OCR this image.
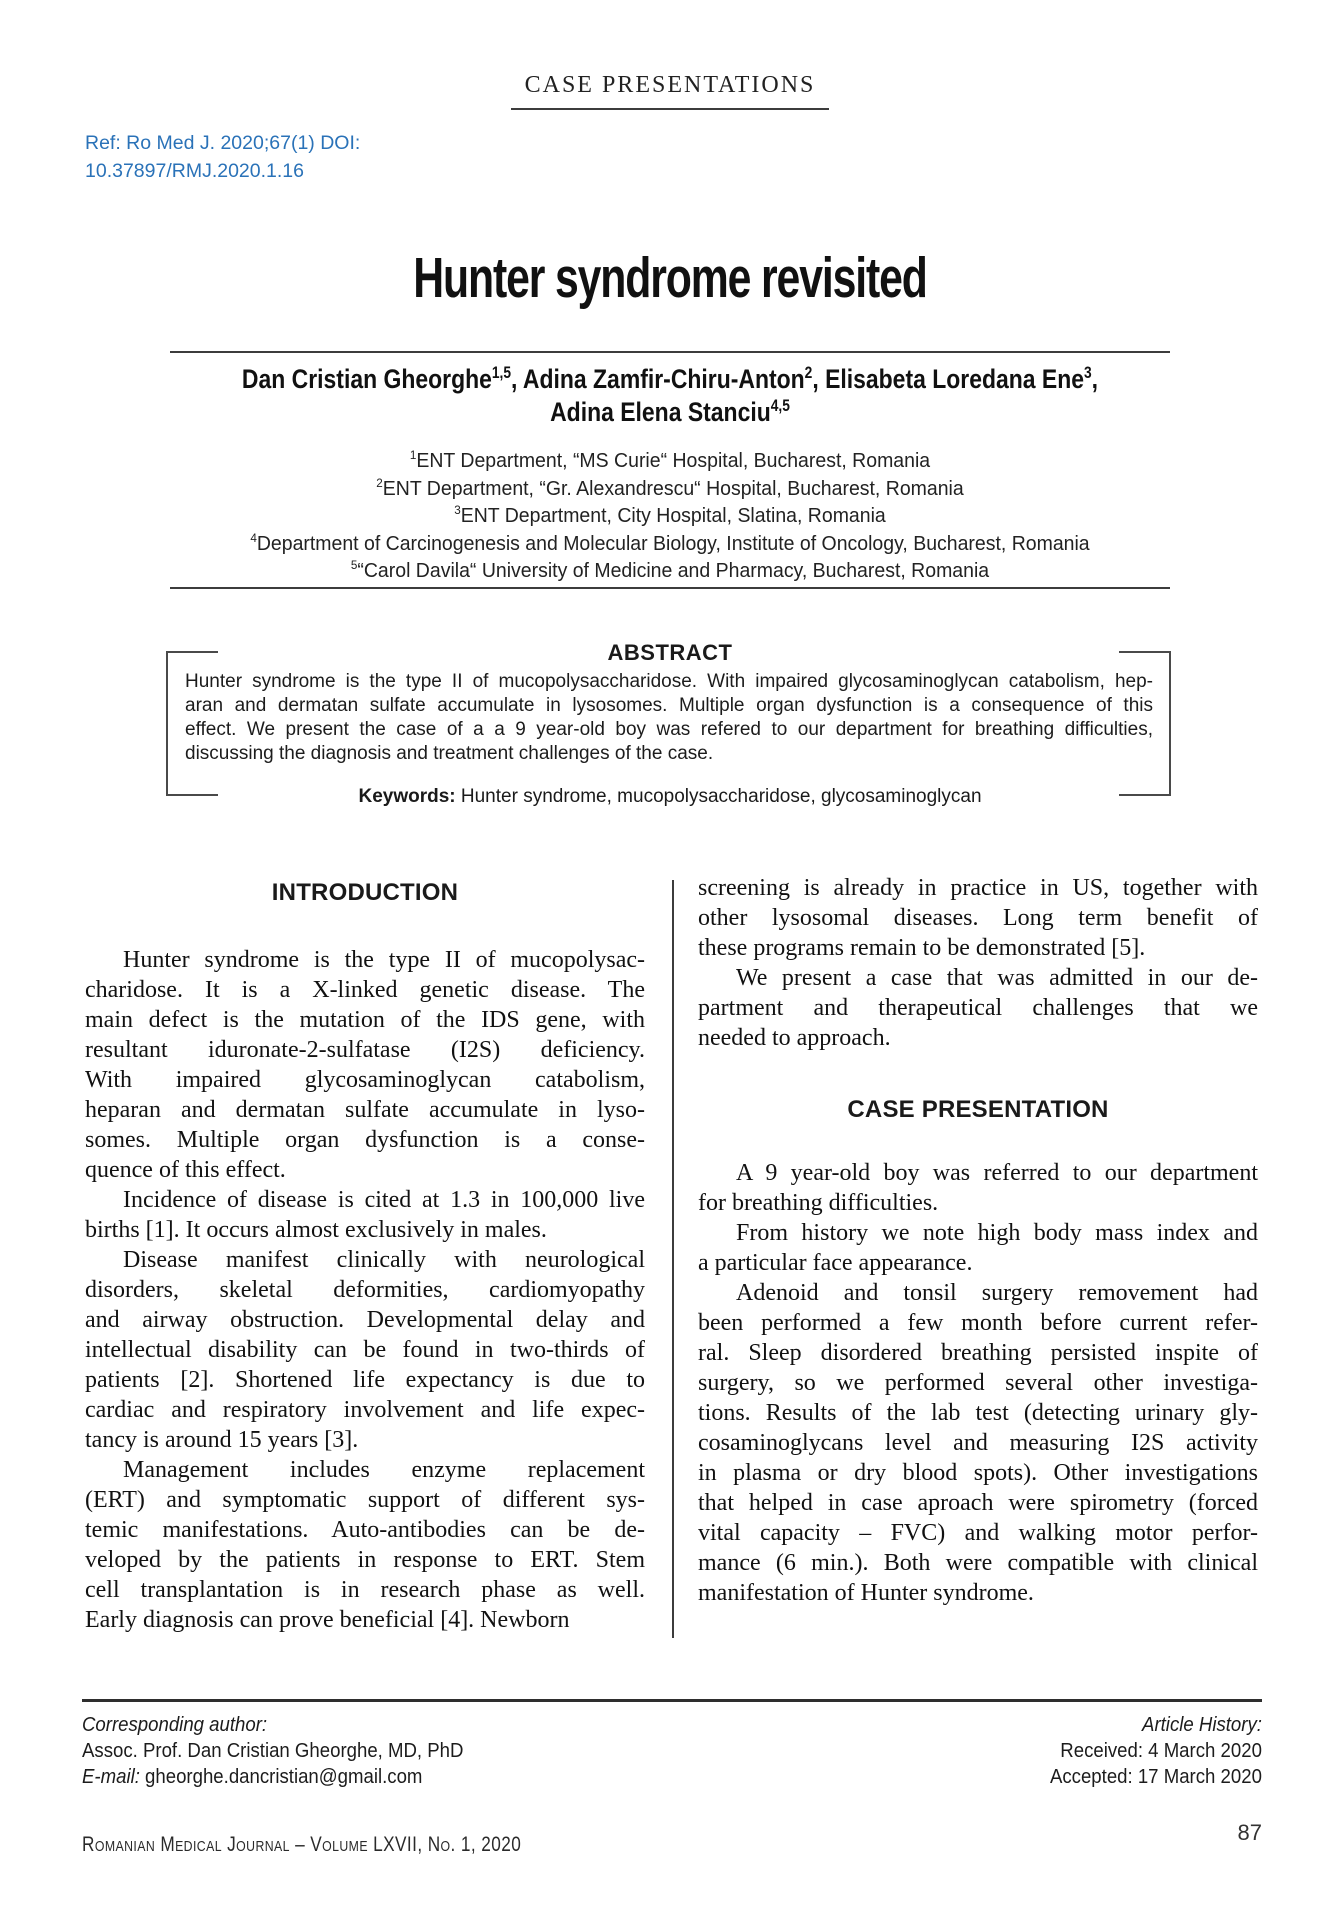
CASE PRESENTATIONS
Ref: Ro Med J. 2020;67(1) DOI:
10.37897/RMJ.2020.1.16
Hunter syndrome revisited
Dan Cristian Gheorghe$^{1,5}$, Adina Zamfir-Chiru-Anton$^2$, Elisabeta Loredana Ene$^3$,
Adina Elena Stanciu$^{4,5}$
$^1$ENT Department, “MS Curie“ Hospital, Bucharest, Romania
$^2$ENT Department, “Gr. Alexandrescu“ Hospital, Bucharest, Romania
$^3$ENT Department, City Hospital, Slatina, Romania
$^4$Department of Carcinogenesis and Molecular Biology, Institute of Oncology, Bucharest, Romania
$^5$“Carol Davila“ University of Medicine and Pharmacy, Bucharest, Romania
ABSTRACT
Hunter syndrome is the type II of mucopolysaccharidose. With impaired glycosaminoglycan catabolism, hep-
aran and dermatan sulfate accumulate in lysosomes. Multiple organ dysfunction is a consequence of this
effect. We present the case of a a 9 year-old boy was refered to our department for breathing difficulties,
discussing the diagnosis and treatment challenges of the case.
Keywords: Hunter syndrome, mucopolysaccharidose, glycosaminoglycan
INTRODUCTION
Hunter syndrome is the type II of mucopolysac-
charidose. It is a X-linked genetic disease. The
main defect is the mutation of the IDS gene, with
resultant iduronate-2-sulfatase (I2S) deficiency.
With impaired glycosaminoglycan catabolism,
heparan and dermatan sulfate accumulate in lyso-
somes. Multiple organ dysfunction is a conse-
quence of this effect.
Incidence of disease is cited at 1.3 in 100,000 live
births [1]. It occurs almost exclusively in males.
Disease manifest clinically with neurological
disorders, skeletal deformities, cardiomyopathy
and airway obstruction. Developmental delay and
intellectual disability can be found in two-thirds of
patients [2]. Shortened life expectancy is due to
cardiac and respiratory involvement and life expec-
tancy is around 15 years [3].
Management includes enzyme replacement
(ERT) and symptomatic support of different sys-
temic manifestations. Auto-antibodies can be de-
veloped by the patients in response to ERT. Stem
cell transplantation is in research phase as well.
Early diagnosis can prove beneficial [4]. Newborn
screening is already in practice in US, together with
other lysosomal diseases. Long term benefit of
these programs remain to be demonstrated [5].
We present a case that was admitted in our de-
partment and therapeutical challenges that we
needed to approach.
CASE PRESENTATION
A 9 year-old boy was referred to our department
for breathing difficulties.
From history we note high body mass index and
a particular face appearance.
Adenoid and tonsil surgery removement had
been performed a few month before current refer-
ral. Sleep disordered breathing persisted inspite of
surgery, so we performed several other investiga-
tions. Results of the lab test (detecting urinary gly-
cosaminoglycans level and measuring I2S activity
in plasma or dry blood spots). Other investigations
that helped in case aproach were spirometry (forced
vital capacity – FVC) and walking motor perfor-
mance (6 min.). Both were compatible with clinical
manifestation of Hunter syndrome.
Corresponding author:
Assoc. Prof. Dan Cristian Gheorghe, MD, PhD
E-mail: gheorghe.dancristian@gmail.com
Article History:
Received: 4 March 2020
Accepted: 17 March 2020
Romanian Medical Journal – Volume LXVII, No. 1, 2020	87
